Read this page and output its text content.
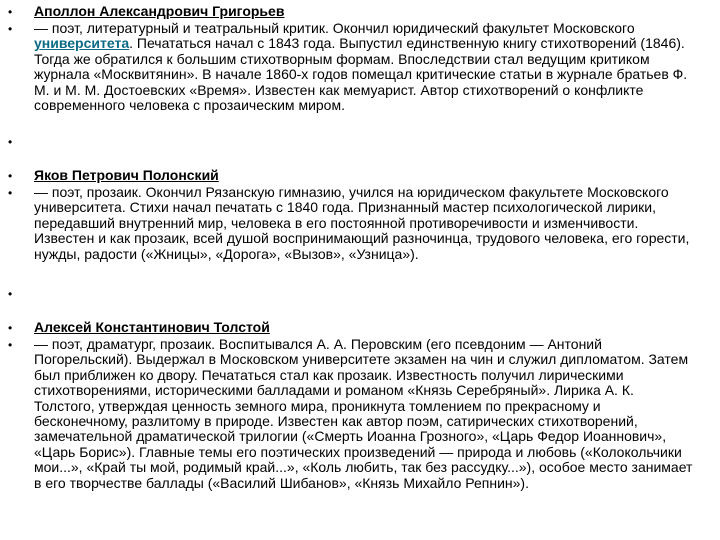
•	Аполлон Александрович Григорьев
•	— поэт, литературный и театральный критик. Окончил юридический факультет Московского университета. Печататься начал с 1843 года. Выпустил единственную книгу стихотворений (1846). Тогда же обратился к большим стихотворным формам. Впоследствии стал ведущим критиком журнала «Москвитянин». В начале 1860-х годов помещал критические статьи в журнале братьев Ф. М. и М. М. Достоевских «Время». Известен как мемуарист. Автор стихотворений о конфликте современного человека с прозаическим миром.
•
•	Яков Петрович Полонский
•	— поэт, прозаик. Окончил Рязанскую гимназию, учился на юридическом факультете Московского университета. Стихи начал печатать с 1840 года. Признанный мастер психологической лирики, передавший внутренний мир, человека в его постоянной противоречивости и изменчивости. Известен и как прозаик, всей душой воспринимающий разночинца, трудового человека, его горести, нужды, радости («Жницы», «Дорога», «Вызов», «Узница»).
•
•	Алексей Константинович Толстой
•	— поэт, драматург, прозаик. Воспитывался А. А. Перовским (его псевдоним — Антоний Погорельский). Выдержал в Московском университете экзамен на чин и служил дипломатом. Затем был приближен ко двору. Печататься стал как прозаик. Известность получил лирическими стихотворениями, историческими балладами и романом «Князь Серебряный». Лирика А. К. Толстого, утверждая ценность земного мира, проникнута томлением по прекрасному и бесконечному, разлитому в природе. Известен как автор поэм, сатирических стихотворений, замечательной драматической трилогии («Смерть Иоанна Грозного», «Царь Федор Иоаннович», «Царь Борис»). Главные темы его поэтических произведений — природа и любовь («Колокольчики мои...», «Край ты мой, родимый край...», «Коль любить, так без рассудку...»), особое место занимает в его творчестве баллады («Василий Шибанов», «Князь Михайло Репнин»).
